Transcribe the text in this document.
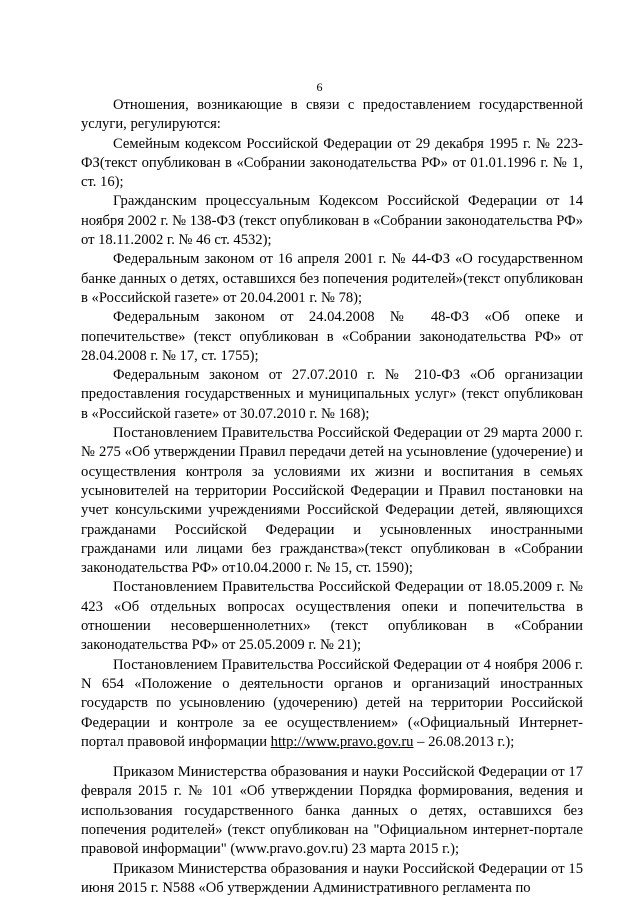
6

Отношения, возникающие в связи с предоставлением государственной услуги, регулируются:

Семейным кодексом Российской Федерации от 29 декабря 1995 г. № 223-ФЗ(текст опубликован в «Собрании законодательства РФ» от 01.01.1996 г. № 1, ст. 16);

Гражданским процессуальным Кодексом Российской Федерации от 14 ноября 2002 г. № 138-ФЗ (текст опубликован в «Собрании законодательства РФ» от 18.11.2002 г. № 46 ст. 4532);

Федеральным законом от 16 апреля 2001 г. № 44-ФЗ «О государственном банке данных о детях, оставшихся без попечения родителей»(текст опубликован в «Российской газете» от 20.04.2001 г. № 78);

Федеральным законом от 24.04.2008 № 48-ФЗ «Об опеке и попечительстве» (текст опубликован в «Собрании законодательства РФ» от 28.04.2008 г. № 17, ст. 1755);

Федеральным законом от 27.07.2010 г. № 210-ФЗ «Об организации предоставления государственных и муниципальных услуг» (текст опубликован в «Российской газете» от 30.07.2010 г. № 168);

Постановлением Правительства Российской Федерации от 29 марта 2000 г. № 275 «Об утверждении Правил передачи детей на усыновление (удочерение) и осуществления контроля за условиями их жизни и воспитания в семьях усыновителей на территории Российской Федерации и Правил постановки на учет консульскими учреждениями Российской Федерации детей, являющихся гражданами Российской Федерации и усыновленных иностранными гражданами или лицами без гражданства»(текст опубликован в «Собрании законодательства РФ» от10.04.2000 г. № 15, ст. 1590);

Постановлением Правительства Российской Федерации от 18.05.2009 г. № 423 «Об отдельных вопросах осуществления опеки и попечительства в отношении несовершеннолетних» (текст опубликован в «Собрании законодательства РФ» от 25.05.2009 г. № 21);

Постановлением Правительства Российской Федерации от 4 ноября 2006 г. N 654 «Положение о деятельности органов и организаций иностранных государств по усыновлению (удочерению) детей на территории Российской Федерации и контроле за ее осуществлением» («Официальный Интернет-портал правовой информации http://www.pravo.gov.ru – 26.08.2013 г.);

Приказом Министерства образования и науки Российской Федерации от 17 февраля 2015 г. № 101 «Об утверждении Порядка формирования, ведения и использования государственного банка данных о детях, оставшихся без попечения родителей» (текст опубликован на "Официальном интернет-портале правовой информации" (www.pravo.gov.ru) 23 марта 2015 г.);

Приказом Министерства образования и науки Российской Федерации от 15 июня 2015 г. N588 «Об утверждении Административного регламента по
